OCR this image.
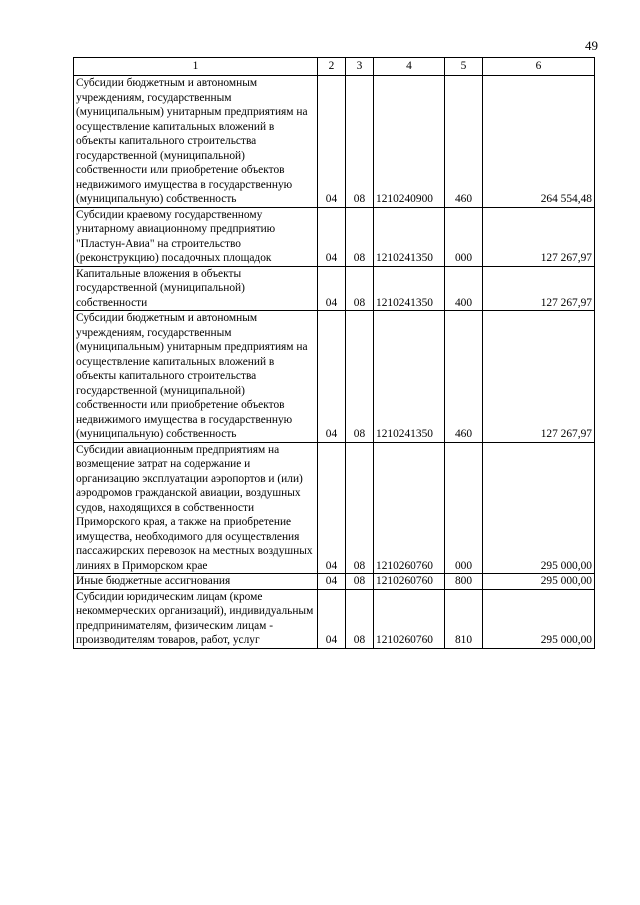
49
1	2	3	4	5	6
Субсидии бюджетным и автономным учреждениям, государственным (муниципальным) унитарным предприятиям на осуществление капитальных вложений в объекты капитального строительства государственной (муниципальной) собственности или приобретение объектов недвижимого имущества в государственную (муниципальную) собственность	04	08	1210240900	460	264 554,48
Субсидии краевому государственному унитарному авиационному предприятию "Пластун-Авиа" на строительство (реконструкцию) посадочных площадок	04	08	1210241350	000	127 267,97
Капитальные вложения в объекты государственной (муниципальной) собственности	04	08	1210241350	400	127 267,97
Субсидии бюджетным и автономным учреждениям, государственным (муниципальным) унитарным предприятиям на осуществление капитальных вложений в объекты капитального строительства государственной (муниципальной) собственности или приобретение объектов недвижимого имущества в государственную (муниципальную) собственность	04	08	1210241350	460	127 267,97
Субсидии авиационным предприятиям на возмещение затрат на содержание и организацию эксплуатации аэропортов и (или) аэродромов гражданской авиации, воздушных судов, находящихся в собственности Приморского края, а также на приобретение имущества, необходимого для осуществления пассажирских перевозок на местных воздушных линиях в Приморском крае	04	08	1210260760	000	295 000,00
Иные бюджетные ассигнования	04	08	1210260760	800	295 000,00
Субсидии юридическим лицам (кроме некоммерческих организаций), индивидуальным предпринимателям, физическим лицам - производителям товаров, работ, услуг	04	08	1210260760	810	295 000,00
